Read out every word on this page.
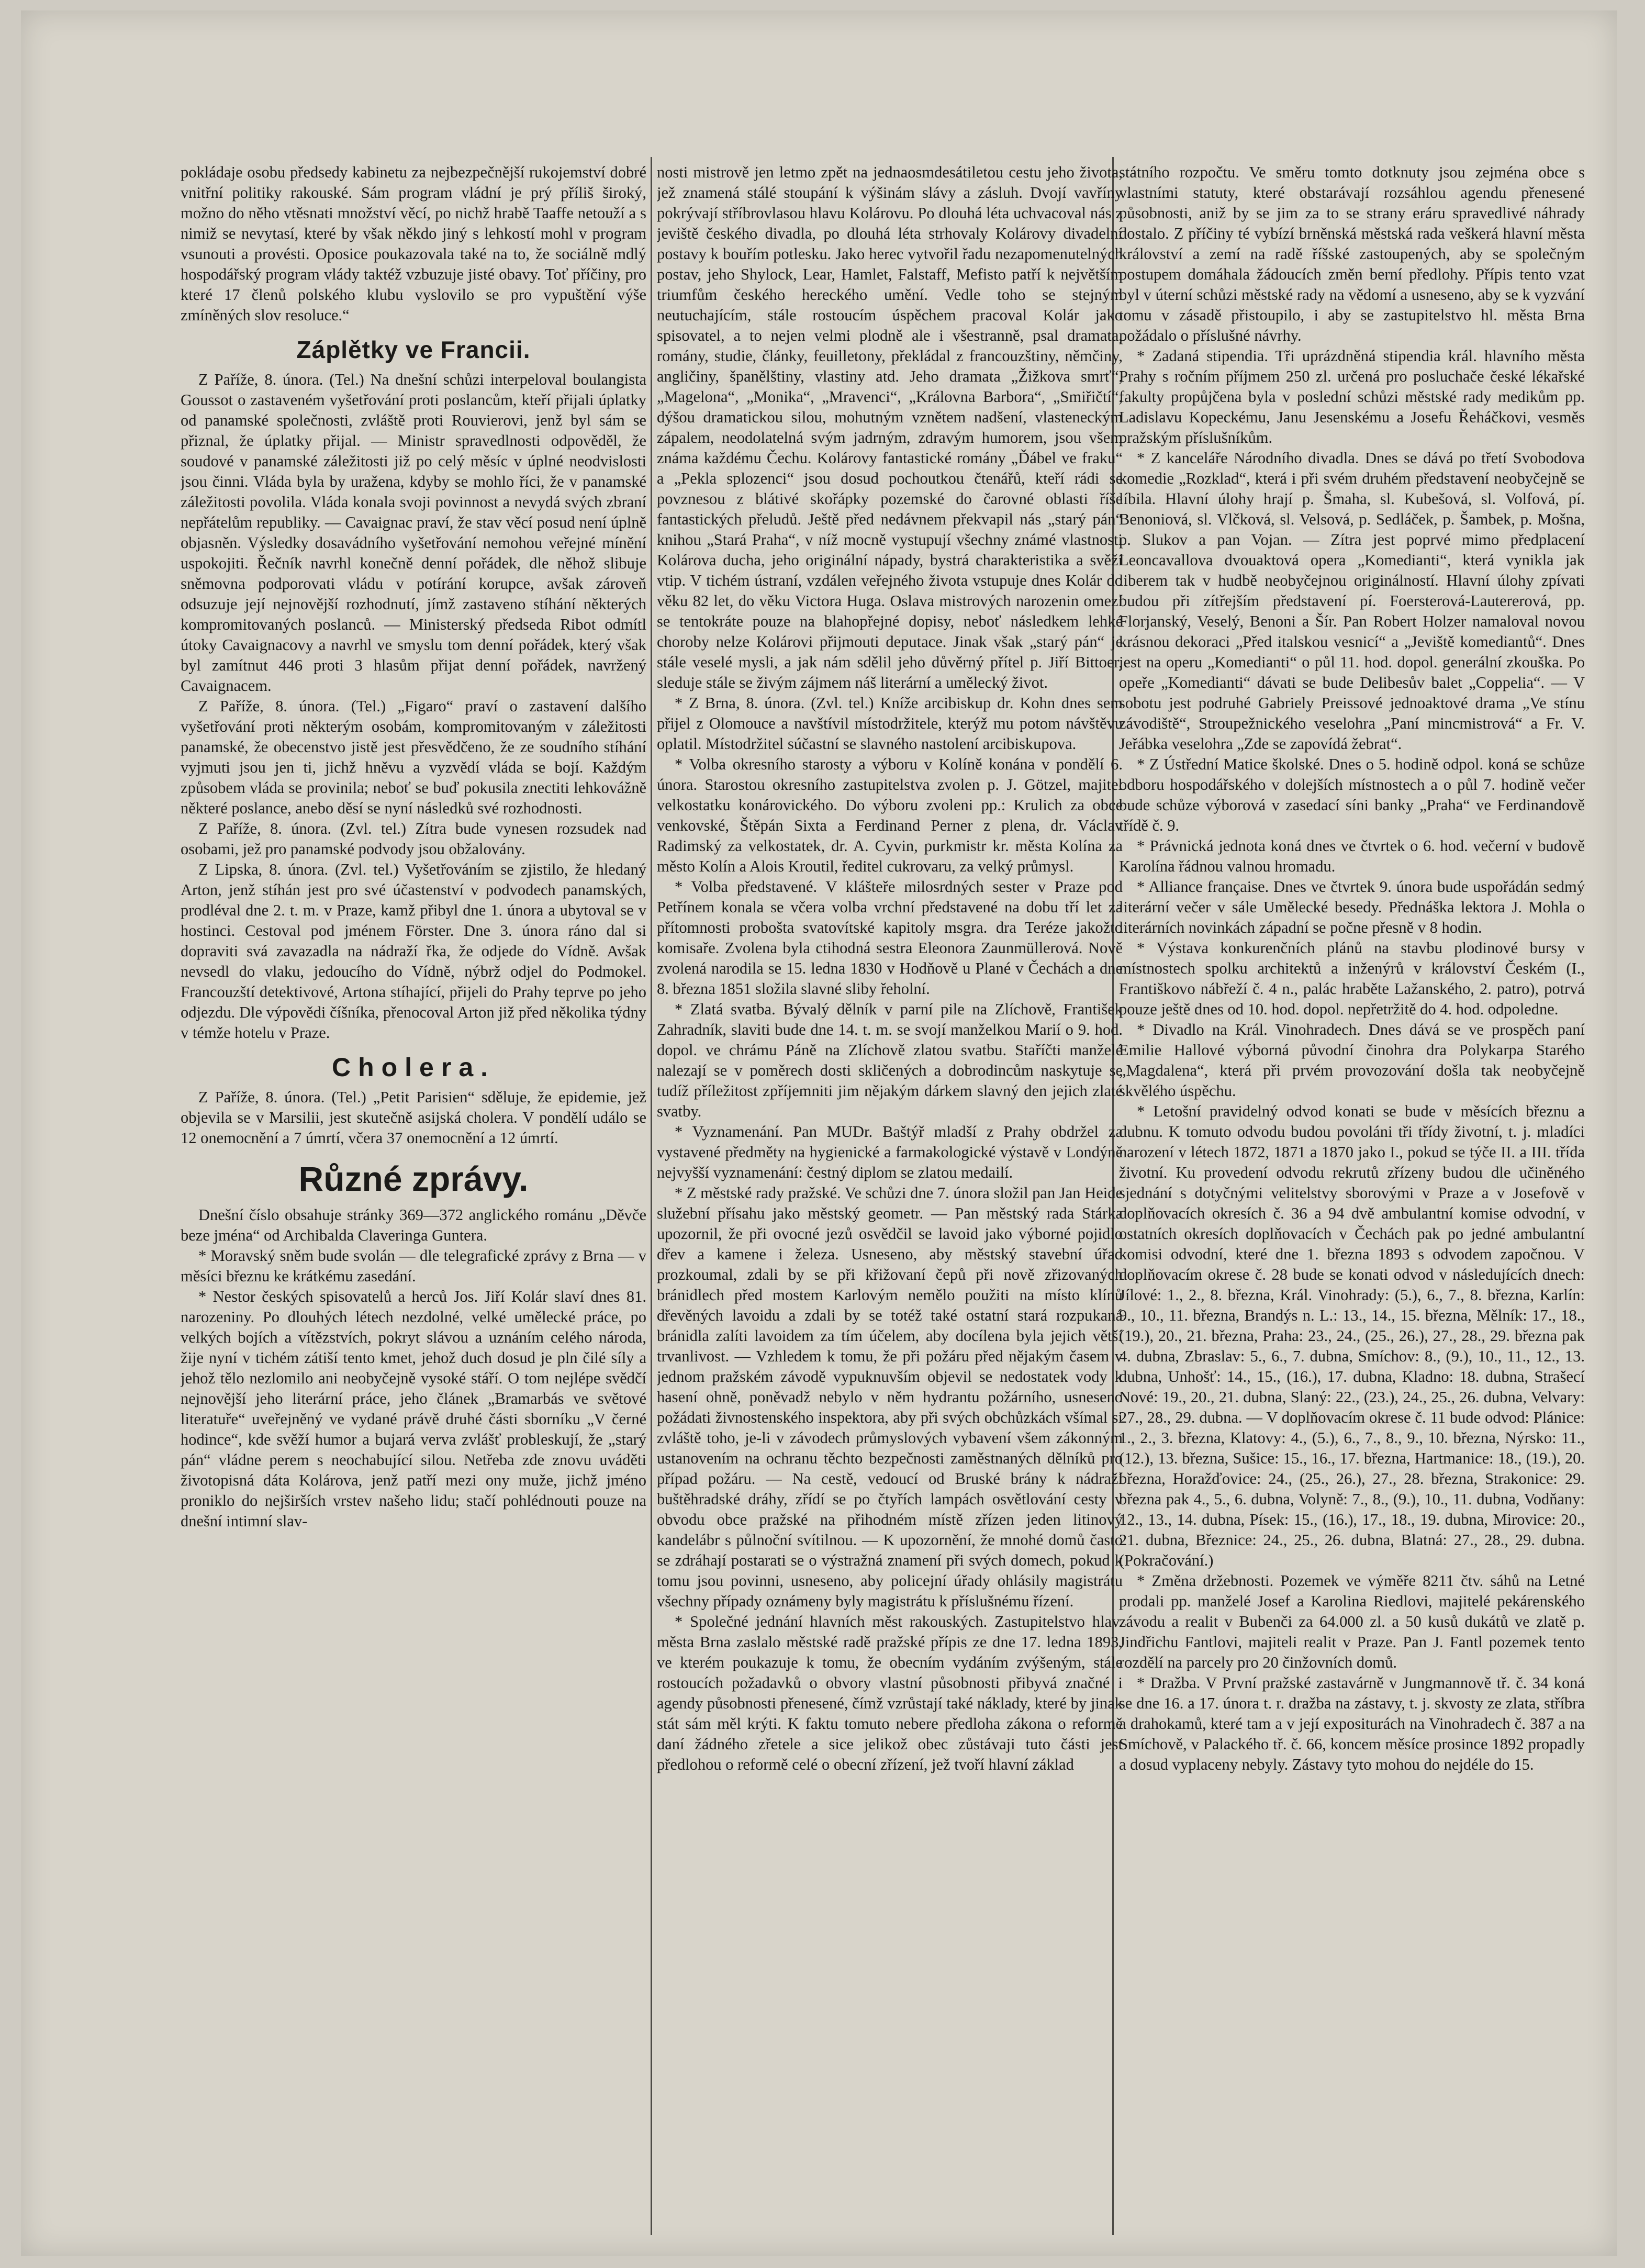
pokládaje osobu předsedy kabinetu za nejbezpečnější rukojemství dobré vnitřní politiky rakouské. Sám program vládní je prý příliš široký, možno do něho vtěsnati množství věcí, po nichž hrabě Taaffe netouží a s nimiž se nevytasí, které by však někdo jiný s lehkostí mohl v program vsunouti a provésti. Oposice poukazovala také na to, že sociálně mdlý hospodářský program vlády taktéž vzbuzuje jisté obavy. Toť příčiny, pro které 17 členů polského klubu vyslovilo se pro vypuštění výše zmíněných slov resoluce.“

Záplětky ve Francii.

Z Paříže, 8. února. (Tel.) Na dnešní schůzi interpeloval boulangista Goussot o zastaveném vyšetřování proti poslancům, kteří přijali úplatky od panamské společnosti, zvláště proti Rouvierovi, jenž byl sám se přiznal, že úplatky přijal. — Ministr spravedlnosti odpověděl, že soudové v panamské záležitosti již po celý měsíc v úplné neodvislosti jsou činni. Vláda byla by uražena, kdyby se mohlo říci, že v panamské záležitosti povolila. Vláda konala svoji povinnost a nevydá svých zbraní nepřátelům republiky. — Cavaignac praví, že stav věcí posud není úplně objasněn. Výsledky dosavádního vyšetřování nemohou veřejné mínění uspokojiti. Řečník navrhl konečně denní pořádek, dle něhož slibuje sněmovna podporovati vládu v potírání korupce, avšak zároveň odsuzuje její nejnovější rozhodnutí, jímž zastaveno stíhání některých kompromitovaných poslanců. — Ministerský předseda Ribot odmítl útoky Cavaignacovy a navrhl ve smyslu tom denní pořádek, který však byl zamítnut 446 proti 3 hlasům přijat denní pořádek, navržený Cavaignacem.

Z Paříže, 8. února. (Tel.) „Figaro“ praví o zastavení dalšího vyšetřování proti některým osobám, kompromitovaným v záležitosti panamské, že obecenstvo jistě jest přesvědčeno, že ze soudního stíhání vyjmuti jsou jen ti, jichž hněvu a vyzvědí vláda se bojí. Každým způsobem vláda se provinila; neboť se buď pokusila znectiti lehkovážně některé poslance, anebo děsí se nyní následků své rozhodnosti.

Z Paříže, 8. února. (Zvl. tel.) Zítra bude vynesen rozsudek nad osobami, jež pro panamské podvody jsou obžalovány.

Z Lipska, 8. února. (Zvl. tel.) Vyšetřováním se zjistilo, že hledaný Arton, jenž stíhán jest pro své účastenství v podvodech panamských, prodléval dne 2. t. m. v Praze, kamž přibyl dne 1. února a ubytoval se v hostinci. Cestoval pod jménem Förster. Dne 3. února ráno dal si dopraviti svá zavazadla na nádraží řka, že odjede do Vídně. Avšak nevsedl do vlaku, jedoucího do Vídně, nýbrž odjel do Podmokel. Francouzští detektivové, Artona stíhající, přijeli do Prahy teprve po jeho odjezdu. Dle výpovědi číšníka, přenocoval Arton již před několika týdny v témže hotelu v Praze.

Cholera.

Z Paříže, 8. února. (Tel.) „Petit Parisien“ sděluje, že epidemie, jež objevila se v Marsilii, jest skutečně asijská cholera. V pondělí událo se 12 onemocnění a 7 úmrtí, včera 37 onemocnění a 12 úmrtí.

Různé zprávy.

Dnešní číslo obsahuje stránky 369—372 anglického románu „Děvče beze jména“ od Archibalda Claveringa Guntera.

* Moravský sněm bude svolán — dle telegrafické zprávy z Brna — v měsíci březnu ke krátkému zasedání.

* Nestor českých spisovatelů a herců Jos. Jiří Kolár slaví dnes 81. narozeniny. Po dlouhých létech nezdolné, velké umělecké práce, po velkých bojích a vítězstvích, pokryt slávou a uznáním celého národa, žije nyní v tichém zátiší tento kmet, jehož duch dosud je pln čilé síly a jehož tělo nezlomilo ani neobyčejně vysoké stáří. O tom nejlépe svědčí nejnovější jeho literární práce, jeho článek „Bramarbás ve světové literatuře“ uveřejněný ve vydané právě druhé části sborníku „V černé hodince“, kde svěží humor a bujará verva zvlášť probleskují, že „starý pán“ vládne perem s neochabující silou. Netřeba zde znovu uváděti životopisná dáta Kolárova, jenž patří mezi ony muže, jichž jméno proniklo do nejširších vrstev našeho lidu; stačí pohlédnouti pouze na dnešní intimní slav-

nosti mistrově jen letmo zpět na jednaosmdesátiletou cestu jeho života, jež znamená stálé stoupání k výšinám slávy a zásluh. Dvojí vavříny pokrývají stříbrovlasou hlavu Kolárovu. Po dlouhá léta uchvacoval nás z jeviště českého divadla, po dlouhá léta strhovaly Kolárovy divadelní postavy k bouřím potlesku. Jako herec vytvořil řadu nezapomenutelných postav, jeho Shylock, Lear, Hamlet, Falstaff, Mefisto patří k největším triumfům českého hereckého umění. Vedle toho se stejným neutuchajícím, stále rostoucím úspěchem pracoval Kolár jako spisovatel, a to nejen velmi plodně ale i všestranně, psal dramata, romány, studie, články, feuilletony, překládal z francouzštiny, němčiny, angličiny, španělštiny, vlastiny atd. Jeho dramata „Žižkova smrť“, „Magelona“, „Monika“, „Mravenci“, „Královna Barbora“, „Smiřičtí“, dýšou dramatickou silou, mohutným vznětem nadšení, vlasteneckým zápalem, neodolatelná svým jadrným, zdravým humorem, jsou všem známa každému Čechu. Kolárovy fantastické romány „Ďábel ve fraku“ a „Pekla splozenci“ jsou dosud pochoutkou čtenářů, kteří rádi se povznesou z blátivé skořápky pozemské do čarovné oblasti říše fantastických přeludů. Ještě před nedávnem překvapil nás „starý pán“ knihou „Stará Praha“, v níž mocně vystupují všechny známé vlastnosti Kolárova ducha, jeho originální nápady, bystrá charakteristika a svěží vtip. V tichém ústraní, vzdálen veřejného života vstupuje dnes Kolár do věku 82 let, do věku Victora Huga. Oslava mistrových narozenin omezí se tentokráte pouze na blahopřejné dopisy, neboť následkem lehké choroby nelze Kolárovi přijmouti deputace. Jinak však „starý pán“ je stále veselé mysli, a jak nám sdělil jeho důvěrný přítel p. Jiří Bittoer, sleduje stále se živým zájmem náš literární a umělecký život.

* Z Brna, 8. února. (Zvl. tel.) Kníže arcibiskup dr. Kohn dnes sem přijel z Olomouce a navštívil místodržitele, kterýž mu potom návštěvu oplatil. Místodržitel súčastní se slavného nastolení arcibiskupova.

* Volba okresního starosty a výboru v Kolíně konána v pondělí 6. února. Starostou okresního zastupitelstva zvolen p. J. Götzel, majitel velkostatku konárovického. Do výboru zvoleni pp.: Krulich za obce venkovské, Štěpán Sixta a Ferdinand Perner z plena, dr. Václav Radimský za velkostatek, dr. A. Cyvin, purkmistr kr. města Kolína za město Kolín a Alois Kroutil, ředitel cukrovaru, za velký průmysl.

* Volba představené. V klášteře milosrdných sester v Praze pod Petřínem konala se včera volba vrchní představené na dobu tří let za přítomnosti probošta svatovítské kapitoly msgra. dra Teréze jakožto komisaře. Zvolena byla ctihodná sestra Eleonora Zaunmüllerová. Nově zvolená narodila se 15. ledna 1830 v Hodňově u Plané v Čechách a dne 8. března 1851 složila slavné sliby řeholní.

* Zlatá svatba. Bývalý dělník v parní pile na Zlíchově, František Zahradník, slaviti bude dne 14. t. m. se svojí manželkou Marií o 9. hod. dopol. ve chrámu Páně na Zlíchově zlatou svatbu. Staříčti manželé nalezají se v poměrech dosti skličených a dobrodincům naskytuje se tudíž příležitost zpříjemniti jim nějakým dárkem slavný den jejich zlaté svatby.

* Vyznamenání. Pan MUDr. Baštýř mladší z Prahy obdržel za vystavené předměty na hygienické a farmakologické výstavě v Londýně nejvyšší vyznamenání: čestný diplom se zlatou medailí.

* Z městské rady pražské. Ve schůzi dne 7. února složil pan Jan Heide služební přísahu jako městský geometr. — Pan městský rada Stárka upozornil, že při ovocné jezů osvědčil se lavoid jako výborné pojidlo dřev a kamene i železa. Usneseno, aby městský stavební úřad prozkoumal, zdali by se při křižovaní čepů při nově zřizovaných bránidlech před mostem Karlovým nemělo použiti na místo klínů dřevěných lavoidu a zdali by se totéž také ostatní stará rozpukaná bránidla zalíti lavoidem za tím účelem, aby docílena byla jejich větší trvanlivost. — Vzhledem k tomu, že při požáru před nějakým časem v jednom pražském závodě vypuknuvším objevil se nedostatek vody k hasení ohně, poněvadž nebylo v něm hydrantu požárního, usneseno požádati živnostenského inspektora, aby při svých obchůzkách všímal si zvláště toho, je-li v závodech průmyslových vybavení všem zákonným ustanovením na ochranu těchto bezpečnosti zaměstnaných dělníků pro případ požáru. — Na cestě, vedoucí od Bruské brány k nádraží buštěhradské dráhy, zřídí se po čtyřích lampách osvětlování cesty v obvodu obce pražské na přihodném místě zřízen jeden litinový kandelábr s půlnoční svítilnou. — K upozornění, že mnohé domů často se zdráhají postarati se o výstražná znamení při svých domech, pokud k tomu jsou povinni, usneseno, aby policejní úřady ohlásily magistrátu všechny případy oznámeny byly magistrátu k příslušnému řízení.

* Společné jednání hlavních měst rakouských. Zastupitelstvo hlav. města Brna zaslalo městské radě pražské přípis ze dne 17. ledna 1893, ve kterém poukazuje k tomu, že obecním vydáním zvýšeným, stále rostoucích požadavků o obvory vlastní působnosti přibyvá značné i agendy působnosti přenesené, čímž vzrůstají také náklady, které by jinak stát sám měl krýti. K faktu tomuto nebere předloha zákona o reformě daní žádného zřetele a sice jelikož obec zůstávaji tuto části jest předlohou o reformě celé o obecní zřízení, jež tvoří hlavní základ

státního rozpočtu. Ve směru tomto dotknuty jsou zejména obce s vlastními statuty, které obstarávají rozsáhlou agendu přenesené působnosti, aniž by se jim za to se strany eráru spravedlivé náhrady dostalo. Z příčiny té vybízí brněnská městská rada veškerá hlavní města království a zemí na radě říšské zastoupených, aby se společným postupem domáhala žádoucích změn berní předlohy. Přípis tento vzat byl v úterní schůzi městské rady na vědomí a usneseno, aby se k vyzvání tomu v zásadě přistoupilo, i aby se zastupitelstvo hl. města Brna požádalo o příslušné návrhy.

* Zadaná stipendia. Tři uprázdněná stipendia král. hlavního města Prahy s ročním příjmem 250 zl. určená pro posluchače české lékařské fakulty propůjčena byla v poslední schůzi městské rady medikům pp. Ladislavu Kopeckému, Janu Jesenskému a Josefu Řeháčkovi, vesměs pražským příslušníkům.

* Z kanceláře Národního divadla. Dnes se dává po třetí Svobodova komedie „Rozklad“, která i při svém druhém představení neobyčejně se líbila. Hlavní úlohy hrají p. Šmaha, sl. Kubešová, sl. Volfová, pí. Benoniová, sl. Vlčková, sl. Velsová, p. Sedláček, p. Šambek, p. Mošna, p. Slukov a pan Vojan. — Zítra jest poprvé mimo předplacení Leoncavallova dvouaktová opera „Komedianti“, která vynikla jak liberem tak v hudbě neobyčejnou originálností. Hlavní úlohy zpívati budou při zítřejším představení pí. Foersterová-Lautererová, pp. Florjanský, Veselý, Benoni a Šír. Pan Robert Holzer namaloval novou krásnou dekoraci „Před italskou vesnicí“ a „Jeviště komediantů“. Dnes jest na operu „Komedianti“ o půl 11. hod. dopol. generální zkouška. Po opeře „Komedianti“ dávati se bude Delibesův balet „Coppelia“. — V sobotu jest podruhé Gabriely Preissové jednoaktové drama „Ve stínu závodiště“, Stroupežnického veselohra „Paní mincmistrová“ a Fr. V. Jeřábka veselohra „Zde se zapovídá žebrat“.

* Z Ústřední Matice školské. Dnes o 5. hodině odpol. koná se schůze odboru hospodářského v dolejších místnostech a o půl 7. hodině večer bude schůze výborová v zasedací síni banky „Praha“ ve Ferdinandově třídě č. 9.

* Právnická jednota koná dnes ve čtvrtek o 6. hod. večerní v budově Karolína řádnou valnou hromadu.

* Alliance française. Dnes ve čtvrtek 9. února bude uspořádán sedmý literární večer v sále Umělecké besedy. Přednáška lektora J. Mohla o literárních novinkách západní se počne přesně v 8 hodin.

* Výstava konkurenčních plánů na stavbu plodinové bursy v místnostech spolku architektů a inženýrů v království Českém (I., Františkovo nábřeží č. 4 n., palác hraběte Lažanského, 2. patro), potrvá pouze ještě dnes od 10. hod. dopol. nepřetržitě do 4. hod. odpoledne.

* Divadlo na Král. Vinohradech. Dnes dává se ve prospěch paní Emilie Hallové výborná původní činohra dra Polykarpa Starého „Magdalena“, která při prvém provozování došla tak neobyčejně skvělého úspěchu.

* Letošní pravidelný odvod konati se bude v měsících březnu a dubnu. K tomuto odvodu budou povoláni tři třídy životní, t. j. mladíci narození v létech 1872, 1871 a 1870 jako I., pokud se týče II. a III. třída životní. Ku provedení odvodu rekrutů zřízeny budou dle učiněného sjednání s dotyčnými velitelstvy sborovými v Praze a v Josefově v doplňovacích okresích č. 36 a 94 dvě ambulantní komise odvodní, v ostatních okresích doplňovacích v Čechách pak po jedné ambulantní komisi odvodní, které dne 1. března 1893 s odvodem započnou. V doplňovacím okrese č. 28 bude se konati odvod v následujících dnech: Jílové: 1., 2., 8. března, Král. Vinohrady: (5.), 6., 7., 8. března, Karlín: 9., 10., 11. března, Brandýs n. L.: 13., 14., 15. března, Mělník: 17., 18., (19.), 20., 21. března, Praha: 23., 24., (25., 26.), 27., 28., 29. března pak 4. dubna, Zbraslav: 5., 6., 7. dubna, Smíchov: 8., (9.), 10., 11., 12., 13. dubna, Unhošť: 14., 15., (16.), 17. dubna, Kladno: 18. dubna, Strašecí Nové: 19., 20., 21. dubna, Slaný: 22., (23.), 24., 25., 26. dubna, Velvary: 27., 28., 29. dubna. — V doplňovacím okrese č. 11 bude odvod: Plánice: 1., 2., 3. března, Klatovy: 4., (5.), 6., 7., 8., 9., 10. března, Nýrsko: 11., (12.), 13. března, Sušice: 15., 16., 17. března, Hartmanice: 18., (19.), 20. března, Horažďovice: 24., (25., 26.), 27., 28. března, Strakonice: 29. března pak 4., 5., 6. dubna, Volyně: 7., 8., (9.), 10., 11. dubna, Vodňany: 12., 13., 14. dubna, Písek: 15., (16.), 17., 18., 19. dubna, Mirovice: 20., 21. dubna, Březnice: 24., 25., 26. dubna, Blatná: 27., 28., 29. dubna. (Pokračování.)

* Změna držebnosti. Pozemek ve výměře 8211 čtv. sáhů na Letné prodali pp. manželé Josef a Karolina Riedlovi, majitelé pekárenského závodu a realit v Bubenči za 64.000 zl. a 50 kusů dukátů ve zlatě p. Jindřichu Fantlovi, majiteli realit v Praze. Pan J. Fantl pozemek tento rozdělí na parcely pro 20 činžovních domů.

* Dražba. V První pražské zastavárně v Jungmannově tř. č. 34 koná se dne 16. a 17. února t. r. dražba na zástavy, t. j. skvosty ze zlata, stříbra a drahokamů, které tam a v její expositurách na Vinohradech č. 387 a na Smíchově, v Palackého tř. č. 66, koncem měsíce prosince 1892 propadly a dosud vyplaceny nebyly. Zástavy tyto mohou do nejdéle do 15.
